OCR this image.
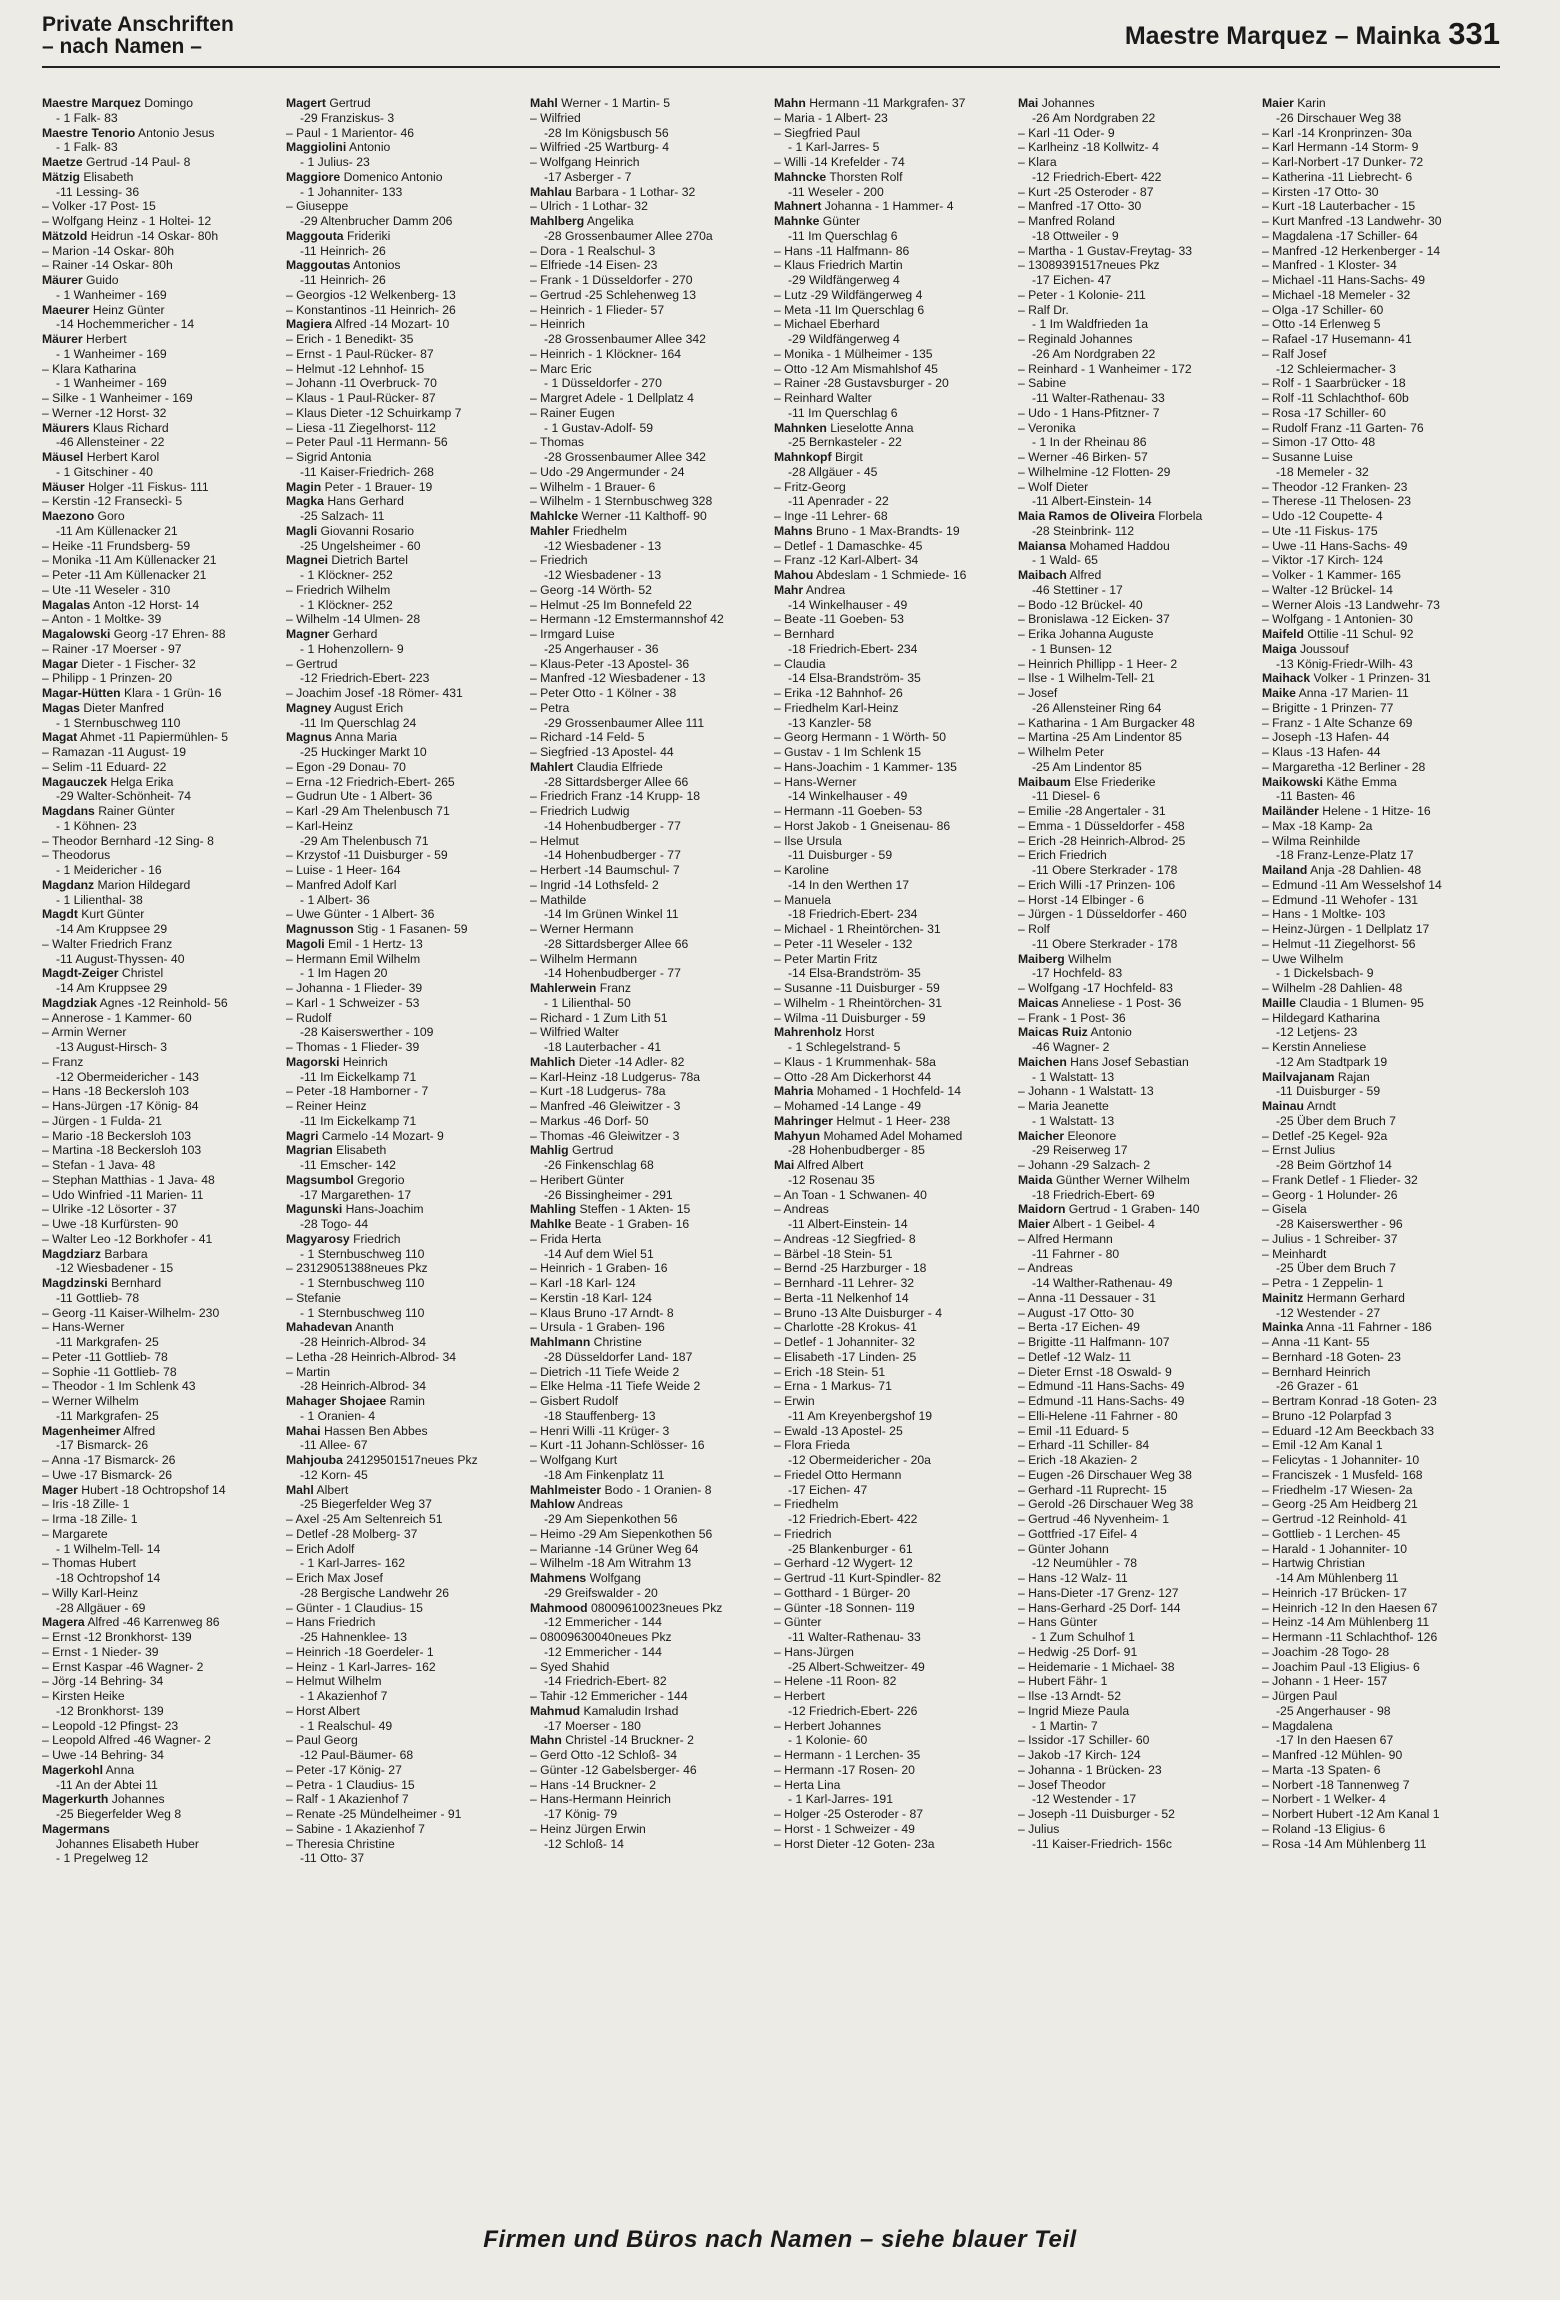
Private Anschriften
– nach Namen –	Maestre Marquez – Mainka 331
Maestre Marquez Domingo
- 1 Falk- 83
Maestre Tenorio Antonio Jesus
- 1 Falk- 83
Maetze Gertrud -14 Paul- 8
Mätzig Elisabeth
-11 Lessing- 36
– Volker -17 Post- 15
– Wolfgang Heinz - 1 Holtei- 12
Mätzold Heidrun -14 Oskar- 80h
– Marion -14 Oskar- 80h
– Rainer -14 Oskar- 80h
Mäurer Guido
- 1 Wanheimer - 169
Maeurer Heinz Günter
-14 Hochemmericher - 14
Mäurer Herbert
- 1 Wanheimer - 169
– Klara Katharina
- 1 Wanheimer - 169
– Silke - 1 Wanheimer - 169
– Werner -12 Horst- 32
Mäurers Klaus Richard
-46 Allensteiner - 22
Mäusel Herbert Karol
- 1 Gitschiner - 40
Mäuser Holger -11 Fiskus- 111
– Kerstin -12 Franseckì- 5
Maezono Goro
-11 Am Küllenacker 21
– Heike -11 Frundsberg- 59
– Monika -11 Am Küllenacker 21
– Peter -11 Am Küllenacker 21
– Ute -11 Weseler - 310
Magalas Anton -12 Horst- 14
– Anton - 1 Moltke- 39
Magalowski Georg -17 Ehren- 88
– Rainer -17 Moerser - 97
Magar Dieter - 1 Fischer- 32
– Philipp - 1 Prinzen- 20
Magar-Hütten Klara - 1 Grün- 16
Magas Dieter Manfred
- 1 Sternbuschweg 110
Magat Ahmet -11 Papiermühlen- 5
– Ramazan -11 August- 19
– Selim -11 Eduard- 22
Magauczek Helga Erika
-29 Walter-Schönheit- 74
Magdans Rainer Günter
- 1 Köhnen- 23
– Theodor Bernhard -12 Sing- 8
– Theodorus
- 1 Meidericher - 16
Magdanz Marion Hildegard
- 1 Lilienthal- 38
Magdt Kurt Günter
-14 Am Kruppsee 29
– Walter Friedrich Franz
-11 August-Thyssen- 40
Magdt-Zeiger Christel
-14 Am Kruppsee 29
Magdziak Agnes -12 Reinhold- 56
– Annerose - 1 Kammer- 60
– Armin Werner
-13 August-Hirsch- 3
– Franz
-12 Obermeidericher - 143
– Hans -18 Beckersloh 103
– Hans-Jürgen -17 König- 84
– Jürgen - 1 Fulda- 21
– Mario -18 Beckersloh 103
– Martina -18 Beckersloh 103
– Stefan - 1 Java- 48
– Stephan Matthias - 1 Java- 48
– Udo Winfried -11 Marien- 11
– Ulrike -12 Lösorter - 37
– Uwe -18 Kurfürsten- 90
– Walter Leo -12 Borkhofer - 41
Magdziarz Barbara
-12 Wiesbadener - 15
Magdzinski Bernhard
-11 Gottlieb- 78
– Georg -11 Kaiser-Wilhelm- 230
– Hans-Werner
-11 Markgrafen- 25
– Peter -11 Gottlieb- 78
– Sophie -11 Gottlieb- 78
– Theodor - 1 Im Schlenk 43
– Werner Wilhelm
-11 Markgrafen- 25
Magenheimer Alfred
-17 Bismarck- 26
– Anna -17 Bismarck- 26
– Uwe -17 Bismarck- 26
Mager Hubert -18 Ochtropshof 14
– Iris -18 Zille- 1
– Irma -18 Zille- 1
– Margarete
- 1 Wilhelm-Tell- 14
– Thomas Hubert
-18 Ochtropshof 14
– Willy Karl-Heinz
-28 Allgäuer - 69
Magera Alfred -46 Karrenweg 86
– Ernst -12 Bronkhorst- 139
– Ernst - 1 Nieder- 39
– Ernst Kaspar -46 Wagner- 2
– Jörg -14 Behring- 34
– Kirsten Heike
-12 Bronkhorst- 139
– Leopold -12 Pfingst- 23
– Leopold Alfred -46 Wagner- 2
– Uwe -14 Behring- 34
Magerkohl Anna
-11 An der Abtei 11
Magerkurth Johannes
-25 Biegerfelder Weg 8
Magermans
Johannes Elisabeth Huber
- 1 Pregelweg 12
Magert Gertrud
-29 Franziskus- 3
– Paul - 1 Marientor- 46
Maggiolini Antonio
- 1 Julius- 23
Maggiore Domenico Antonio
- 1 Johanniter- 133
– Giuseppe
-29 Altenbrucher Damm 206
Maggouta Frideriki
-11 Heinrich- 26
Maggoutas Antonios
-11 Heinrich- 26
– Georgios -12 Welkenberg- 13
– Konstantinos -11 Heinrich- 26
Magiera Alfred -14 Mozart- 10
– Erich - 1 Benedikt- 35
– Ernst - 1 Paul-Rücker- 87
– Helmut -12 Lehnhof- 15
– Johann -11 Overbruck- 70
– Klaus - 1 Paul-Rücker- 87
– Klaus Dieter -12 Schuirkamp 7
– Liesa -11 Ziegelhorst- 112
– Peter Paul -11 Hermann- 56
– Sigrid Antonia
-11 Kaiser-Friedrich- 268
Magin Peter - 1 Brauer- 19
Magka Hans Gerhard
-25 Salzach- 11
Magli Giovanni Rosario
-25 Ungelsheimer - 60
Magnei Dietrich Bartel
- 1 Klöckner- 252
– Friedrich Wilhelm
- 1 Klöckner- 252
– Wilhelm -14 Ulmen- 28
Magner Gerhard
- 1 Hohenzollern- 9
– Gertrud
-12 Friedrich-Ebert- 223
– Joachim Josef -18 Römer- 431
Magney August Erich
-11 Im Querschlag 24
Magnus Anna Maria
-25 Huckinger Markt 10
– Egon -29 Donau- 70
– Erna -12 Friedrich-Ebert- 265
– Gudrun Ute - 1 Albert- 36
– Karl -29 Am Thelenbusch 71
– Karl-Heinz
-29 Am Thelenbusch 71
– Krzystof -11 Duisburger - 59
– Luise - 1 Heer- 164
– Manfred Adolf Karl
- 1 Albert- 36
– Uwe Günter - 1 Albert- 36
Magnusson Stig - 1 Fasanen- 59
Magoli Emil - 1 Hertz- 13
– Hermann Emil Wilhelm
- 1 Im Hagen 20
– Johanna - 1 Flieder- 39
– Karl - 1 Schweizer - 53
– Rudolf
-28 Kaiserswerther - 109
– Thomas - 1 Flieder- 39
Magorski Heinrich
-11 Im Eickelkamp 71
– Peter -18 Hamborner - 7
– Reiner Heinz
-11 Im Eickelkamp 71
Magri Carmelo -14 Mozart- 9
Magrian Elisabeth
-11 Emscher- 142
Magsumbol Gregorio
-17 Margarethen- 17
Magunski Hans-Joachim
-28 Togo- 44
Magyarosy Friedrich
- 1 Sternbuschweg 110
– 23129051388neues Pkz
- 1 Sternbuschweg 110
– Stefanie
- 1 Sternbuschweg 110
Mahadevan Ananth
-28 Heinrich-Albrod- 34
– Letha -28 Heinrich-Albrod- 34
– Martin
-28 Heinrich-Albrod- 34
Mahager Shojaee Ramin
- 1 Oranien- 4
Mahai Hassen Ben Abbes
-11 Allee- 67
Mahjouba 24129501517neues Pkz
-12 Korn- 45
Mahl Albert
-25 Biegerfelder Weg 37
– Axel -25 Am Seltenreich 51
– Detlef -28 Molberg- 37
– Erich Adolf
- 1 Karl-Jarres- 162
– Erich Max Josef
-28 Bergische Landwehr 26
– Günter - 1 Claudius- 15
– Hans Friedrich
-25 Hahnenklee- 13
– Heinrich -18 Goerdeler- 1
– Heinz - 1 Karl-Jarres- 162
– Helmut Wilhelm
- 1 Akazienhof 7
– Horst Albert
- 1 Realschul- 49
– Paul Georg
-12 Paul-Bäumer- 68
– Peter -17 König- 27
– Petra - 1 Claudius- 15
– Ralf - 1 Akazienhof 7
– Renate -25 Mündelheimer - 91
– Sabine - 1 Akazienhof 7
– Theresia Christine
-11 Otto- 37
Mahl Werner - 1 Martin- 5
– Wilfried
-28 Im Königsbusch 56
– Wilfried -25 Wartburg- 4
– Wolfgang Heinrich
-17 Asberger - 7
Mahlau Barbara - 1 Lothar- 32
– Ulrich - 1 Lothar- 32
Mahlberg Angelika
-28 Grossenbaumer Allee 270a
– Dora - 1 Realschul- 3
– Elfriede -14 Eisen- 23
– Frank - 1 Düsseldorfer - 270
– Gertrud -25 Schlehenweg 13
– Heinrich - 1 Flieder- 57
– Heinrich
-28 Grossenbaumer Allee 342
– Heinrich - 1 Klöckner- 164
– Marc Eric
- 1 Düsseldorfer - 270
– Margret Adele - 1 Dellplatz 4
– Rainer Eugen
- 1 Gustav-Adolf- 59
– Thomas
-28 Grossenbaumer Allee 342
– Udo -29 Angermunder - 24
– Wilhelm - 1 Brauer- 6
– Wilhelm - 1 Sternbuschweg 328
Mahlcke Werner -11 Kalthoff- 90
Mahler Friedhelm
-12 Wiesbadener - 13
– Friedrich
-12 Wiesbadener - 13
– Georg -14 Wörth- 52
– Helmut -25 Im Bonnefeld 22
– Hermann -12 Emstermannshof 42
– Irmgard Luise
-25 Angerhauser - 36
– Klaus-Peter -13 Apostel- 36
– Manfred -12 Wiesbadener - 13
– Peter Otto - 1 Kölner - 38
– Petra
-29 Grossenbaumer Allee 111
– Richard -14 Feld- 5
– Siegfried -13 Apostel- 44
Mahlert Claudia Elfriede
-28 Sittardsberger Allee 66
– Friedrich Franz -14 Krupp- 18
– Friedrich Ludwig
-14 Hohenbudberger - 77
– Helmut
-14 Hohenbudberger - 77
– Herbert -14 Baumschul- 7
– Ingrid -14 Lothsfeld- 2
– Mathilde
-14 Im Grünen Winkel 11
– Werner Hermann
-28 Sittardsberger Allee 66
– Wilhelm Hermann
-14 Hohenbudberger - 77
Mahlerwein Franz
- 1 Lilienthal- 50
– Richard - 1 Zum Lith 51
– Wilfried Walter
-18 Lauterbacher - 41
Mahlich Dieter -14 Adler- 82
– Karl-Heinz -18 Ludgerus- 78a
– Kurt -18 Ludgerus- 78a
– Manfred -46 Gleiwitzer - 3
– Markus -46 Dorf- 50
– Thomas -46 Gleiwitzer - 3
Mahlig Gertrud
-26 Finkenschlag 68
– Heribert Günter
-26 Bissingheimer - 291
Mahling Steffen - 1 Akten- 15
Mahlke Beate - 1 Graben- 16
– Frida Herta
-14 Auf dem Wiel 51
– Heinrich - 1 Graben- 16
– Karl -18 Karl- 124
– Kerstin -18 Karl- 124
– Klaus Bruno -17 Arndt- 8
– Ursula - 1 Graben- 196
Mahlmann Christine
-28 Düsseldorfer Land- 187
– Dietrich -11 Tiefe Weide 2
– Elke Helma -11 Tiefe Weide 2
– Gisbert Rudolf
-18 Stauffenberg- 13
– Henri Willi -11 Krüger- 3
– Kurt -11 Johann-Schlösser- 16
– Wolfgang Kurt
-18 Am Finkenplatz 11
Mahlmeister Bodo - 1 Oranien- 8
Mahlow Andreas
-29 Am Siepenkothen 56
– Heimo -29 Am Siepenkothen 56
– Marianne -14 Grüner Weg 64
– Wilhelm -18 Am Witrahm 13
Mahmens Wolfgang
-29 Greifswalder - 20
Mahmood 08009610023neues Pkz
-12 Emmericher - 144
– 08009630040neues Pkz
-12 Emmericher - 144
– Syed Shahid
-14 Friedrich-Ebert- 82
– Tahir -12 Emmericher - 144
Mahmud Kamaludin Irshad
-17 Moerser - 180
Mahn Christel -14 Bruckner- 2
– Gerd Otto -12 Schloß- 34
– Günter -12 Gabelsberger- 46
– Hans -14 Bruckner- 2
– Hans-Hermann Heinrich
-17 König- 79
– Heinz Jürgen Erwin
-12 Schloß- 14
Mahn Hermann -11 Markgrafen- 37
– Maria - 1 Albert- 23
– Siegfried Paul
- 1 Karl-Jarres- 5
– Willi -14 Krefelder - 74
Mahncke Thorsten Rolf
-11 Weseler - 200
Mahnert Johanna - 1 Hammer- 4
Mahnke Günter
-11 Im Querschlag 6
– Hans -11 Halfmann- 86
– Klaus Friedrich Martin
-29 Wildfängerweg 4
– Lutz -29 Wildfängerweg 4
– Meta -11 Im Querschlag 6
– Michael Eberhard
-29 Wildfängerweg 4
– Monika - 1 Mülheimer - 135
– Otto -12 Am Mismahlshof 45
– Rainer -28 Gustavsburger - 20
– Reinhard Walter
-11 Im Querschlag 6
Mahnken Lieselotte Anna
-25 Bernkasteler - 22
Mahnkopf Birgit
-28 Allgäuer - 45
– Fritz-Georg
-11 Apenrader - 22
– Inge -11 Lehrer- 68
Mahns Bruno - 1 Max-Brandts- 19
– Detlef - 1 Damaschke- 45
– Franz -12 Karl-Albert- 34
Mahou Abdeslam - 1 Schmiede- 16
Mahr Andrea
-14 Winkelhauser - 49
– Beate -11 Goeben- 53
– Bernhard
-18 Friedrich-Ebert- 234
– Claudia
-14 Elsa-Brandström- 35
– Erika -12 Bahnhof- 26
– Friedhelm Karl-Heinz
-13 Kanzler- 58
– Georg Hermann - 1 Wörth- 50
– Gustav - 1 Im Schlenk 15
– Hans-Joachim - 1 Kammer- 135
– Hans-Werner
-14 Winkelhauser - 49
– Hermann -11 Goeben- 53
– Horst Jakob - 1 Gneisenau- 86
– Ilse Ursula
-11 Duisburger - 59
– Karoline
-14 In den Werthen 17
– Manuela
-18 Friedrich-Ebert- 234
– Michael - 1 Rheintörchen- 31
– Peter -11 Weseler - 132
– Peter Martin Fritz
-14 Elsa-Brandström- 35
– Susanne -11 Duisburger - 59
– Wilhelm - 1 Rheintörchen- 31
– Wilma -11 Duisburger - 59
Mahrenholz Horst
- 1 Schlegelstrand- 5
– Klaus - 1 Krummenhak- 58a
– Otto -28 Am Dickerhorst 44
Mahria Mohamed - 1 Hochfeld- 14
– Mohamed -14 Lange - 49
Mahringer Helmut - 1 Heer- 238
Mahyun Mohamed Adel Mohamed
-28 Hohenbudberger - 85
Mai Alfred Albert
-12 Rosenau 35
– An Toan - 1 Schwanen- 40
– Andreas
-11 Albert-Einstein- 14
– Andreas -12 Siegfried- 8
– Bärbel -18 Stein- 51
– Bernd -25 Harzburger - 18
– Bernhard -11 Lehrer- 32
– Berta -11 Nelkenhof 14
– Bruno -13 Alte Duisburger - 4
– Charlotte -28 Krokus- 41
– Detlef - 1 Johanniter- 32
– Elisabeth -17 Linden- 25
– Erich -18 Stein- 51
– Erna - 1 Markus- 71
– Erwin
-11 Am Kreyenbergshof 19
– Ewald -13 Apostel- 25
– Flora Frieda
-12 Obermeidericher - 20a
– Friedel Otto Hermann
-17 Eichen- 47
– Friedhelm
-12 Friedrich-Ebert- 422
– Friedrich
-25 Blankenburger - 61
– Gerhard -12 Wygert- 12
– Gertrud -11 Kurt-Spindler- 82
– Gotthard - 1 Bürger- 20
– Günter -18 Sonnen- 119
– Günter
-11 Walter-Rathenau- 33
– Hans-Jürgen
-25 Albert-Schweitzer- 49
– Helene -11 Roon- 82
– Herbert
-12 Friedrich-Ebert- 226
– Herbert Johannes
- 1 Kolonie- 60
– Hermann - 1 Lerchen- 35
– Hermann -17 Rosen- 20
– Herta Lina
- 1 Karl-Jarres- 191
– Holger -25 Osteroder - 87
– Horst - 1 Schweizer - 49
– Horst Dieter -12 Goten- 23a
Mai Johannes
-26 Am Nordgraben 22
– Karl -11 Oder- 9
– Karlheinz -18 Kollwitz- 4
– Klara
-12 Friedrich-Ebert- 422
– Kurt -25 Osteroder - 87
– Manfred -17 Otto- 30
– Manfred Roland
-18 Ottweiler - 9
– Martha - 1 Gustav-Freytag- 33
– 13089391517neues Pkz
-17 Eichen- 47
– Peter - 1 Kolonie- 211
– Ralf Dr.
- 1 Im Waldfrieden 1a
– Reginald Johannes
-26 Am Nordgraben 22
– Reinhard - 1 Wanheimer - 172
– Sabine
-11 Walter-Rathenau- 33
– Udo - 1 Hans-Pfitzner- 7
– Veronika
- 1 In der Rheinau 86
– Werner -46 Birken- 57
– Wilhelmine -12 Flotten- 29
– Wolf Dieter
-11 Albert-Einstein- 14
Maia Ramos de Oliveira Florbela
-28 Steinbrink- 112
Maiansa Mohamed Haddou
- 1 Wald- 65
Maibach Alfred
-46 Stettiner - 17
– Bodo -12 Brückel- 40
– Bronislawa -12 Eicken- 37
– Erika Johanna Auguste
- 1 Bunsen- 12
– Heinrich Phillipp - 1 Heer- 2
– Ilse - 1 Wilhelm-Tell- 21
– Josef
-26 Allensteiner Ring 64
– Katharina - 1 Am Burgacker 48
– Martina -25 Am Lindentor 85
– Wilhelm Peter
-25 Am Lindentor 85
Maibaum Else Friederike
-11 Diesel- 6
– Emilie -28 Angertaler - 31
– Emma - 1 Düsseldorfer - 458
– Erich -28 Heinrich-Albrod- 25
– Erich Friedrich
-11 Obere Sterkrader - 178
– Erich Willi -17 Prinzen- 106
– Horst -14 Elbinger - 6
– Jürgen - 1 Düsseldorfer - 460
– Rolf
-11 Obere Sterkrader - 178
Maiberg Wilhelm
-17 Hochfeld- 83
– Wolfgang -17 Hochfeld- 83
Maicas Anneliese - 1 Post- 36
– Frank - 1 Post- 36
Maicas Ruiz Antonio
-46 Wagner- 2
Maichen Hans Josef Sebastian
- 1 Walstatt- 13
– Johann - 1 Walstatt- 13
– Maria Jeanette
- 1 Walstatt- 13
Maicher Eleonore
-29 Reiserweg 17
– Johann -29 Salzach- 2
Maida Günther Werner Wilhelm
-18 Friedrich-Ebert- 69
Maidorn Gertrud - 1 Graben- 140
Maier Albert - 1 Geibel- 4
– Alfred Hermann
-11 Fahrner - 80
– Andreas
-14 Walther-Rathenau- 49
– Anna -11 Dessauer - 31
– August -17 Otto- 30
– Berta -17 Eichen- 49
– Brigitte -11 Halfmann- 107
– Detlef -12 Walz- 11
– Dieter Ernst -18 Oswald- 9
– Edmund -11 Hans-Sachs- 49
– Edmund -11 Hans-Sachs- 49
– Elli-Helene -11 Fahrner - 80
– Emil -11 Eduard- 5
– Erhard -11 Schiller- 84
– Erich -18 Akazien- 2
– Eugen -26 Dirschauer Weg 38
– Gerhard -11 Ruprecht- 15
– Gerold -26 Dirschauer Weg 38
– Gertrud -46 Nyvenheim- 1
– Gottfried -17 Eifel- 4
– Günter Johann
-12 Neumühler - 78
– Hans -12 Walz- 11
– Hans-Dieter -17 Grenz- 127
– Hans-Gerhard -25 Dorf- 144
– Hans Günter
- 1 Zum Schulhof 1
– Hedwig -25 Dorf- 91
– Heidemarie - 1 Michael- 38
– Hubert Fähr- 1
– Ilse -13 Arndt- 52
– Ingrid Mieze Paula
- 1 Martin- 7
– Issidor -17 Schiller- 60
– Jakob -17 Kirch- 124
– Johanna - 1 Brücken- 23
– Josef Theodor
-12 Westender - 17
– Joseph -11 Duisburger - 52
– Julius
-11 Kaiser-Friedrich- 156c
Maier Karin
-26 Dirschauer Weg 38
– Karl -14 Kronprinzen- 30a
– Karl Hermann -14 Storm- 9
– Karl-Norbert -17 Dunker- 72
– Katherina -11 Liebrecht- 6
– Kirsten -17 Otto- 30
– Kurt -18 Lauterbacher - 15
– Kurt Manfred -13 Landwehr- 30
– Magdalena -17 Schiller- 64
– Manfred -12 Herkenberger - 14
– Manfred - 1 Kloster- 34
– Michael -11 Hans-Sachs- 49
– Michael -18 Memeler - 32
– Olga -17 Schiller- 60
– Otto -14 Erlenweg 5
– Rafael -17 Husemann- 41
– Ralf Josef
-12 Schleiermacher- 3
– Rolf - 1 Saarbrücker - 18
– Rolf -11 Schlachthof- 60b
– Rosa -17 Schiller- 60
– Rudolf Franz -11 Garten- 76
– Simon -17 Otto- 48
– Susanne Luise
-18 Memeler - 32
– Theodor -12 Franken- 23
– Therese -11 Thelosen- 23
– Udo -12 Coupette- 4
– Ute -11 Fiskus- 175
– Uwe -11 Hans-Sachs- 49
– Viktor -17 Kirch- 124
– Volker - 1 Kammer- 165
– Walter -12 Brückel- 14
– Werner Alois -13 Landwehr- 73
– Wolfgang - 1 Antonien- 30
Maifeld Ottilie -11 Schul- 92
Maiga Joussouf
-13 König-Friedr-Wilh- 43
Maihack Volker - 1 Prinzen- 31
Maike Anna -17 Marien- 11
– Brigitte - 1 Prinzen- 77
– Franz - 1 Alte Schanze 69
– Joseph -13 Hafen- 44
– Klaus -13 Hafen- 44
– Margaretha -12 Berliner - 28
Maikowski Käthe Emma
-11 Basten- 46
Mailänder Helene - 1 Hitze- 16
– Max -18 Kamp- 2a
– Wilma Reinhilde
-18 Franz-Lenze-Platz 17
Mailand Anja -28 Dahlien- 48
– Edmund -11 Am Wesselshof 14
– Edmund -11 Wehofer - 131
– Hans - 1 Moltke- 103
– Heinz-Jürgen - 1 Dellplatz 17
– Helmut -11 Ziegelhorst- 56
– Uwe Wilhelm
- 1 Dickelsbach- 9
– Wilhelm -28 Dahlien- 48
Maille Claudia - 1 Blumen- 95
– Hildegard Katharina
-12 Letjens- 23
– Kerstin Anneliese
-12 Am Stadtpark 19
Mailvajanam Rajan
-11 Duisburger - 59
Mainau Arndt
-25 Über dem Bruch 7
– Detlef -25 Kegel- 92a
– Ernst Julius
-28 Beim Görtzhof 14
– Frank Detlef - 1 Flieder- 32
– Georg - 1 Holunder- 26
– Gisela
-28 Kaiserswerther - 96
– Julius - 1 Schreiber- 37
– Meinhardt
-25 Über dem Bruch 7
– Petra - 1 Zeppelin- 1
Mainitz Hermann Gerhard
-12 Westender - 27
Mainka Anna -11 Fahrner - 186
– Anna -11 Kant- 55
– Bernhard -18 Goten- 23
– Bernhard Heinrich
-26 Grazer - 61
– Bertram Konrad -18 Goten- 23
– Bruno -12 Polarpfad 3
– Eduard -12 Am Beeckbach 33
– Emil -12 Am Kanal 1
– Felicytas - 1 Johanniter- 10
– Franciszek - 1 Musfeld- 168
– Friedhelm -17 Wiesen- 2a
– Georg -25 Am Heidberg 21
– Gertrud -12 Reinhold- 41
– Gottlieb - 1 Lerchen- 45
– Harald - 1 Johanniter- 10
– Hartwig Christian
-14 Am Mühlenberg 11
– Heinrich -17 Brücken- 17
– Heinrich -12 In den Haesen 67
– Heinz -14 Am Mühlenberg 11
– Hermann -11 Schlachthof- 126
– Joachim -28 Togo- 28
– Joachim Paul -13 Eligius- 6
– Johann - 1 Heer- 157
– Jürgen Paul
-25 Angerhauser - 98
– Magdalena
-17 In den Haesen 67
– Manfred -12 Mühlen- 90
– Marta -13 Spaten- 6
– Norbert -18 Tannenweg 7
– Norbert - 1 Welker- 4
– Norbert Hubert -12 Am Kanal 1
– Roland -13 Eligius- 6
– Rosa -14 Am Mühlenberg 11
Firmen und Büros nach Namen – siehe blauer Teil
